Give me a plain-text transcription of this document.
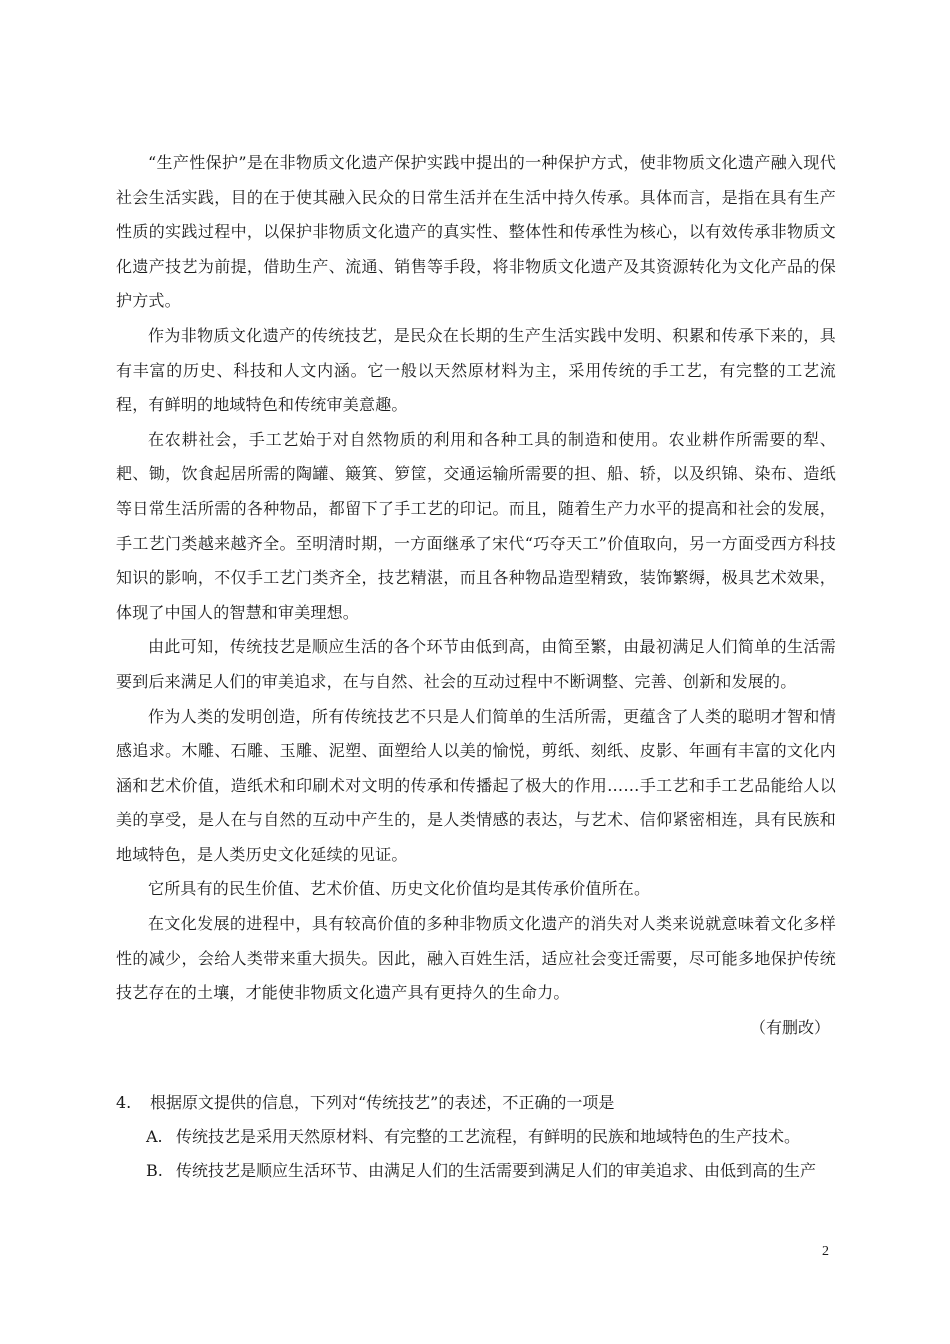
“生产性保护”是在非物质文化遗产保护实践中提出的一种保护方式，使非物质文化遗产融入现代社会生活实践，目的在于使其融入民众的日常生活并在生活中持久传承。具体而言，是指在具有生产性质的实践过程中，以保护非物质文化遗产的真实性、整体性和传承性为核心，以有效传承非物质文化遗产技艺为前提，借助生产、流通、销售等手段，将非物质文化遗产及其资源转化为文化产品的保护方式。

作为非物质文化遗产的传统技艺，是民众在长期的生产生活实践中发明、积累和传承下来的，具有丰富的历史、科技和人文内涵。它一般以天然原材料为主，采用传统的手工艺，有完整的工艺流程，有鲜明的地域特色和传统审美意趣。

在农耕社会，手工艺始于对自然物质的利用和各种工具的制造和使用。农业耕作所需要的犁、耙、锄，饮食起居所需的陶罐、簸箕、箩筐，交通运输所需要的担、船、轿，以及织锦、染布、造纸等日常生活所需的各种物品，都留下了手工艺的印记。而且，随着生产力水平的提高和社会的发展，手工艺门类越来越齐全。至明清时期，一方面继承了宋代“巧夺天工”价值取向，另一方面受西方科技知识的影响，不仅手工艺门类齐全，技艺精湛，而且各种物品造型精致，装饰繁缛，极具艺术效果，体现了中国人的智慧和审美理想。

由此可知，传统技艺是顺应生活的各个环节由低到高，由简至繁，由最初满足人们简单的生活需要到后来满足人们的审美追求，在与自然、社会的互动过程中不断调整、完善、创新和发展的。

作为人类的发明创造，所有传统技艺不只是人们简单的生活所需，更蕴含了人类的聪明才智和情感追求。木雕、石雕、玉雕、泥塑、面塑给人以美的愉悦，剪纸、刻纸、皮影、年画有丰富的文化内涵和艺术价值，造纸术和印刷术对文明的传承和传播起了极大的作用……手工艺和手工艺品能给人以美的享受，是人在与自然的互动中产生的，是人类情感的表达，与艺术、信仰紧密相连，具有民族和地域特色，是人类历史文化延续的见证。

它所具有的民生价值、艺术价值、历史文化价值均是其传承价值所在。

在文化发展的进程中，具有较高价值的多种非物质文化遗产的消失对人类来说就意味着文化多样性的减少，会给人类带来重大损失。因此，融入百姓生活，适应社会变迁需要，尽可能多地保护传统技艺存在的土壤，才能使非物质文化遗产具有更持久的生命力。

（有删改）

4.	根据原文提供的信息，下列对“传统技艺”的表述，不正确的一项是
A. 传统技艺是采用天然原材料、有完整的工艺流程，有鲜明的民族和地域特色的生产技术。
B. 传统技艺是顺应生活环节、由满足人们的生活需要到满足人们的审美追求、由低到高的生产
2
